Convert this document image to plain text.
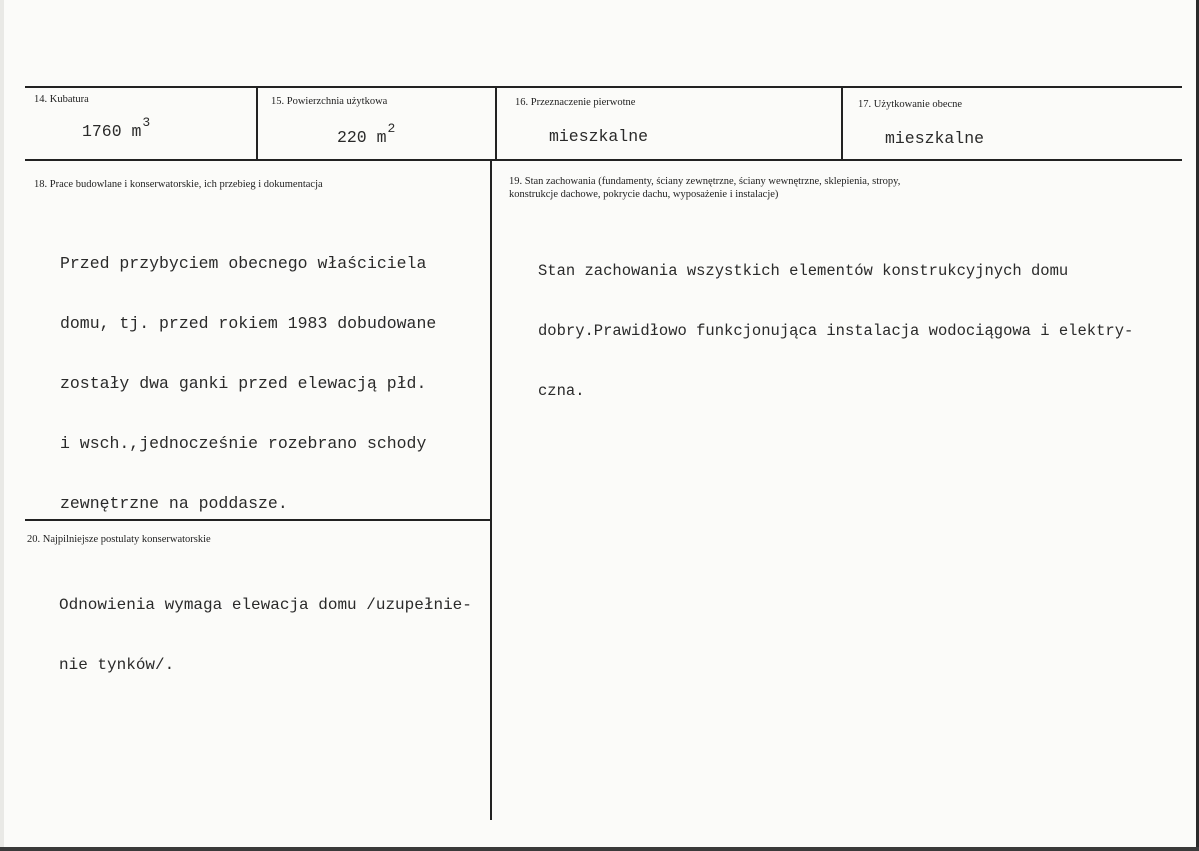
14. Kubatura
1760 $m^3$
15. Powierzchnia użytkowa
220 $m^2$
16. Przeznaczenie pierwotne
mieszkalne
17. Użytkowanie obecne
mieszkalne
18. Prace budowlane i konserwatorskie, ich przebieg i dokumentacja

Przed przybyciem obecnego właściciela

domu, tj. przed rokiem 1983 dobudowane

zostały dwa ganki przed elewacją płd.

i wsch.,jednocześnie rozebrano schody

zewnętrzne na poddasze.

19. Stan zachowania (fundamenty, ściany zewnętrzne, ściany wewnętrzne, sklepienia, stropy,
konstrukcje dachowe, pokrycie dachu, wyposażenie i instalacje)

Stan zachowania wszystkich elementów konstrukcyjnych domu

dobry.Prawidłowo funkcjonująca instalacja wodociągowa i elektry-

czna.

20. Najpilniejsze postulaty konserwatorskie

Odnowienia wymaga elewacja domu /uzupełnie-

nie tynków/.
